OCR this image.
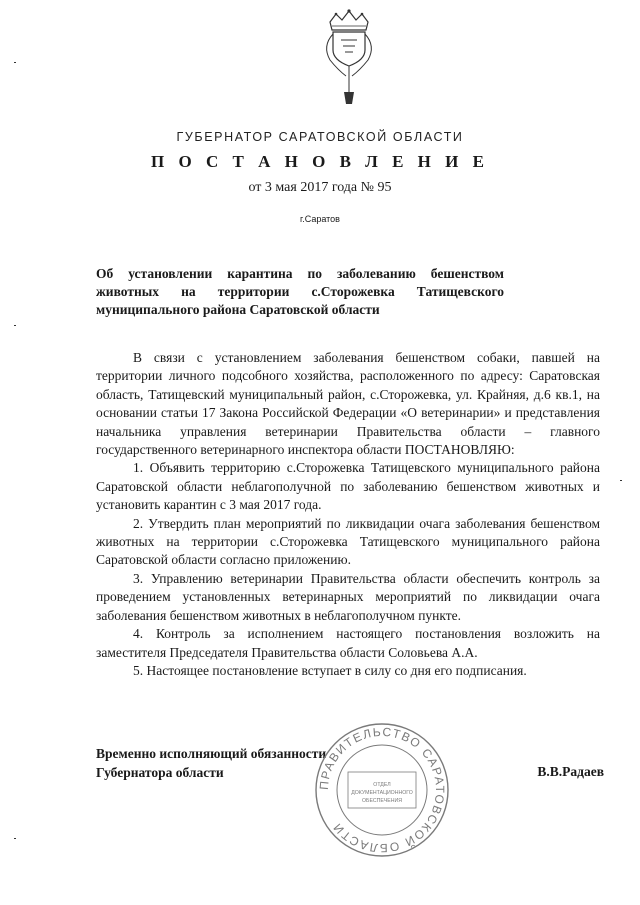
ГУБЕРНАТОР САРАТОВСКОЙ ОБЛАСТИ
П О С Т А Н О В Л Е Н И Е
от 3 мая 2017 года № 95
г.Саратов
Об установлении карантина по заболеванию бешенством животных на территории с.Сторожевка Татищевского муниципального района Саратовской области

В связи с установлением заболевания бешенством собаки, павшей на территории личного подсобного хозяйства, расположенного по адресу: Саратовская область, Татищевский муниципальный район, с.Сторожевка, ул. Крайняя, д.6 кв.1, на основании статьи 17 Закона Российской Федерации «О ветеринарии» и представления начальника управления ветеринарии Правительства области – главного государственного ветеринарного инспектора области ПОСТАНОВЛЯЮ:

1. Объявить территорию с.Сторожевка Татищевского муниципального района Саратовской области неблагополучной по заболеванию бешенством животных и установить карантин с 3 мая 2017 года.

2. Утвердить план мероприятий по ликвидации очага заболевания бешенством животных на территории с.Сторожевка Татищевского муниципального района Саратовской области согласно приложению.

3. Управлению ветеринарии Правительства области обеспечить контроль за проведением установленных ветеринарных мероприятий по ликвидации очага заболевания бешенством животных в неблагополучном пункте.

4. Контроль за исполнением настоящего постановления возложить на заместителя Председателя Правительства области Соловьева А.А.

5. Настоящее постановление вступает в силу со дня его подписания.

Временно исполняющий обязанности
Губернатора области	В.В.Радаев
ПРАВИТЕЛЬСТВО САРАТОВСКОЙ ОБЛАСТИ
ОТДЕЛ
ДОКУМЕНТАЦИОННОГО
ОБЕСПЕЧЕНИЯ
